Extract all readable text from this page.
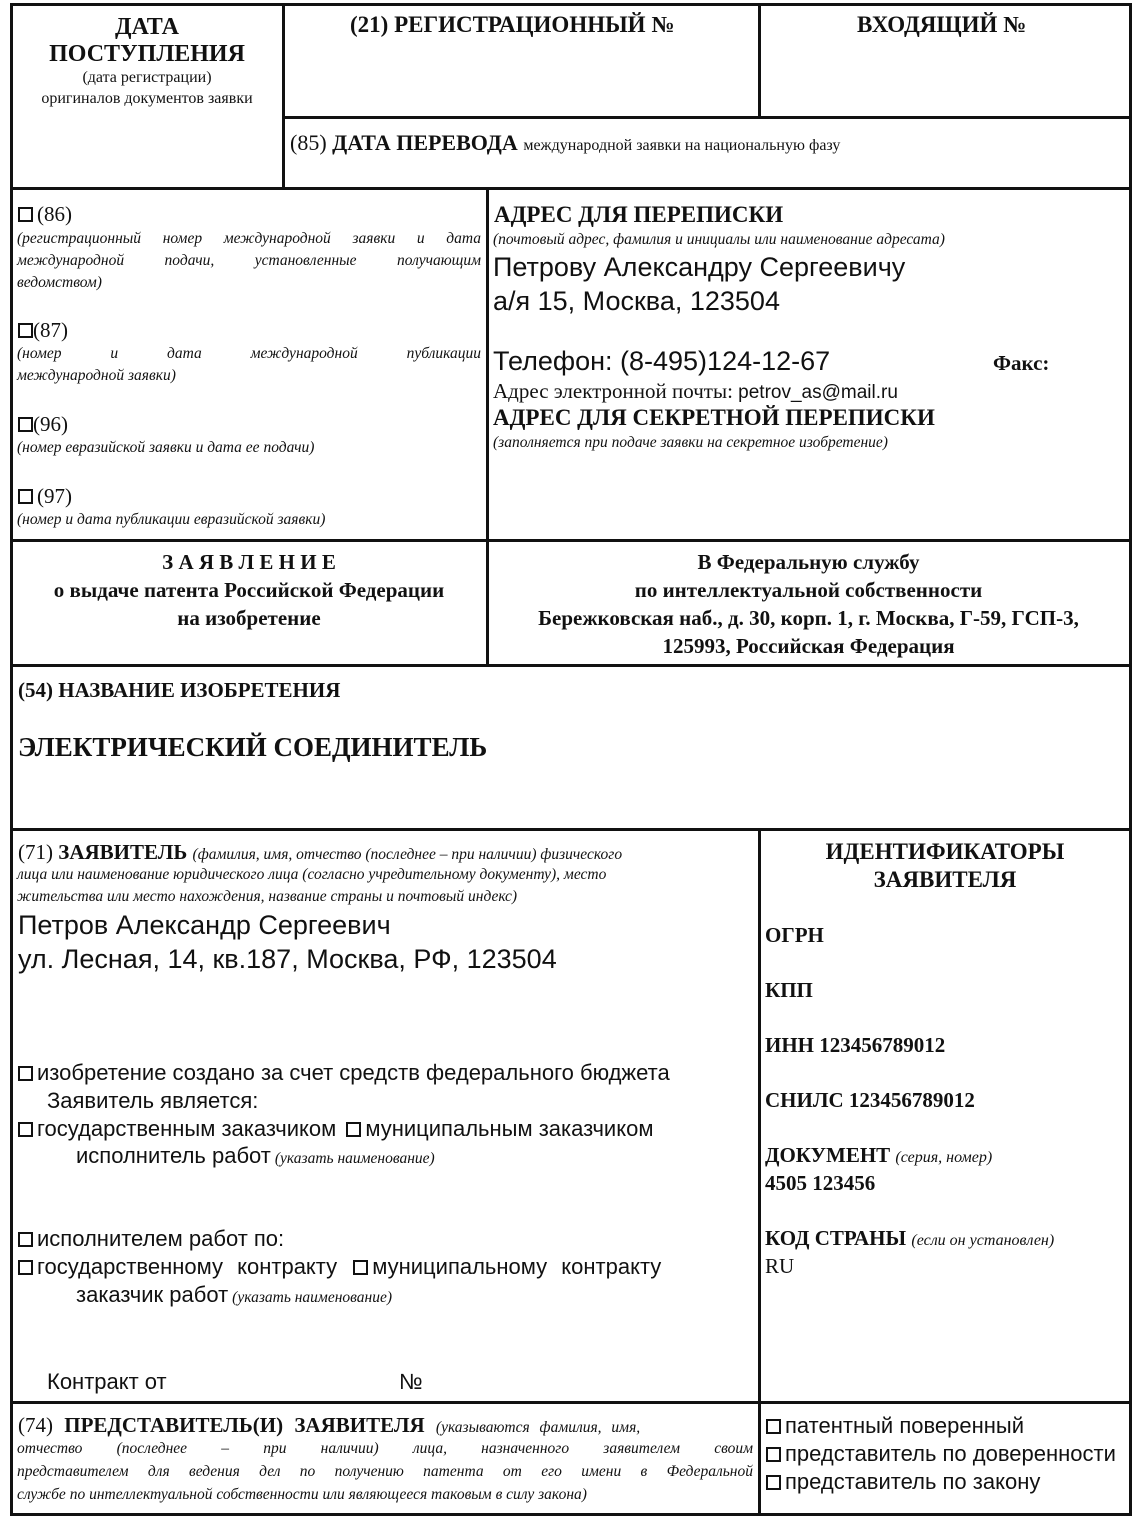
ДАТА
ПОСТУПЛЕНИЯ
(дата регистрации)
оригиналов документов заявки
(21) РЕГИСТРАЦИОННЫЙ №	ВХОДЯЩИЙ №
(85) ДАТА ПЕРЕВОДА международной заявки на национальную фазу
(86)
(регистрационный номер международной заявки и дата
международной подачи, установленные получающим
ведомством)
(87)
(номер и дата международной публикации
международной заявки)
(96)
(номер евразийской заявки и дата ее подачи)
(97)
(номер и дата публикации евразийской заявки)
АДРЕС ДЛЯ ПЕРЕПИСКИ
(почтовый адрес, фамилия и инициалы или наименование адресата)
Петрову Александру Сергеевичу
а/я 15, Москва, 123504
Телефон: (8-495)124-12-67	Факс:
Адрес электронной почты: petrov_as@mail.ru
АДРЕС ДЛЯ СЕКРЕТНОЙ ПЕРЕПИСКИ
(заполняется при подаче заявки на секретное изобретение)
З А Я В Л Е Н И Е
о выдаче патента Российской Федерации
на изобретение
В Федеральную службу
по интеллектуальной собственности
Бережковская наб., д. 30, корп. 1, г. Москва, Г-59, ГСП-3,
125993, Российская Федерация
(54) НАЗВАНИЕ ИЗОБРЕТЕНИЯ
ЭЛЕКТРИЧЕСКИЙ СОЕДИНИТЕЛЬ
(71) ЗАЯВИТЕЛЬ (фамилия, имя, отчество (последнее – при наличии) физического
лица или наименование юридического лица (согласно учредительному документу), место
жительства или место нахождения, название страны и почтовый индекс)
Петров Александр Сергеевич
ул. Лесная, 14, кв.187, Москва, РФ, 123504
изобретение создано за счет средств федерального бюджета
Заявитель является:
государственным заказчиком муниципальным заказчиком
исполнитель работ (указать наименование)
исполнителем работ по:
государственному контракту муниципальному контракту
заказчик работ (указать наименование)
Контракт от	№
ИДЕНТИФИКАТОРЫ
ЗАЯВИТЕЛЯ
ОГРН
КПП
ИНН 123456789012
СНИЛС 123456789012
ДОКУМЕНТ (серия, номер)
4505 123456
КОД СТРАНЫ (если он установлен)
RU
(74) ПРЕДСТАВИТЕЛЬ(И) ЗАЯВИТЕЛЯ (указываются фамилия, имя,
отчество (последнее – при наличии) лица, назначенного заявителем своим
представителем для ведения дел по получению патента от его имени в Федеральной
службе по интеллектуальной собственности или являющееся таковым в силу закона)
патентный поверенный
представитель по доверенности
представитель по закону
